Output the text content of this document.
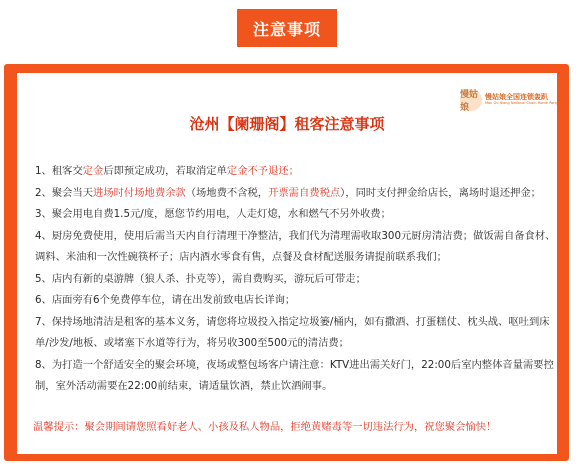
注意事项
慢姑娘
慢姑娘全国连锁轰趴
Man Gu Niang National Chain Home Party
沧州【阑珊阁】租客注意事项

1、租客交定金后即预定成功，若取消定单定金不予退还；

2、聚会当天进场时付场地费余款（场地费不含税，开票需自费税点），同时支付押金给店长，离场时退还押金；

3、聚会用电自费1.5元/度，愿您节约用电，人走灯熄，水和燃气不另外收费；

4、厨房免费使用，使用后需当天内自行清理干净整洁，我们代为清理需收取300元厨房清洁费；做饭需自备食材、

调料、米油和一次性碗筷杯子；店内酒水零食有售，点餐及食材配送服务请提前联系我们；

5、店内有新的桌游牌（狼人杀、扑克等），需自费购买，游玩后可带走；

6、店面旁有6个免费停车位，请在出发前致电店长详询；

7、保持场地清洁是租客的基本义务，请您将垃圾投入指定垃圾篓/桶内，如有撒酒、打蛋糕仗、枕头战、呕吐到床

单/沙发/地板、或堵塞下水道等行为，将另收300至500元的清洁费；

8、为打造一个舒适安全的聚会环境，夜场或整包场客户请注意：KTV进出需关好门，22:00后室内整体音量需要控

制，室外活动需要在22:00前结束，请适量饮酒，禁止饮酒闹事。

温馨提示：聚会期间请您照看好老人、小孩及私人物品，拒绝黄赌毒等一切违法行为，祝您聚会愉快！
